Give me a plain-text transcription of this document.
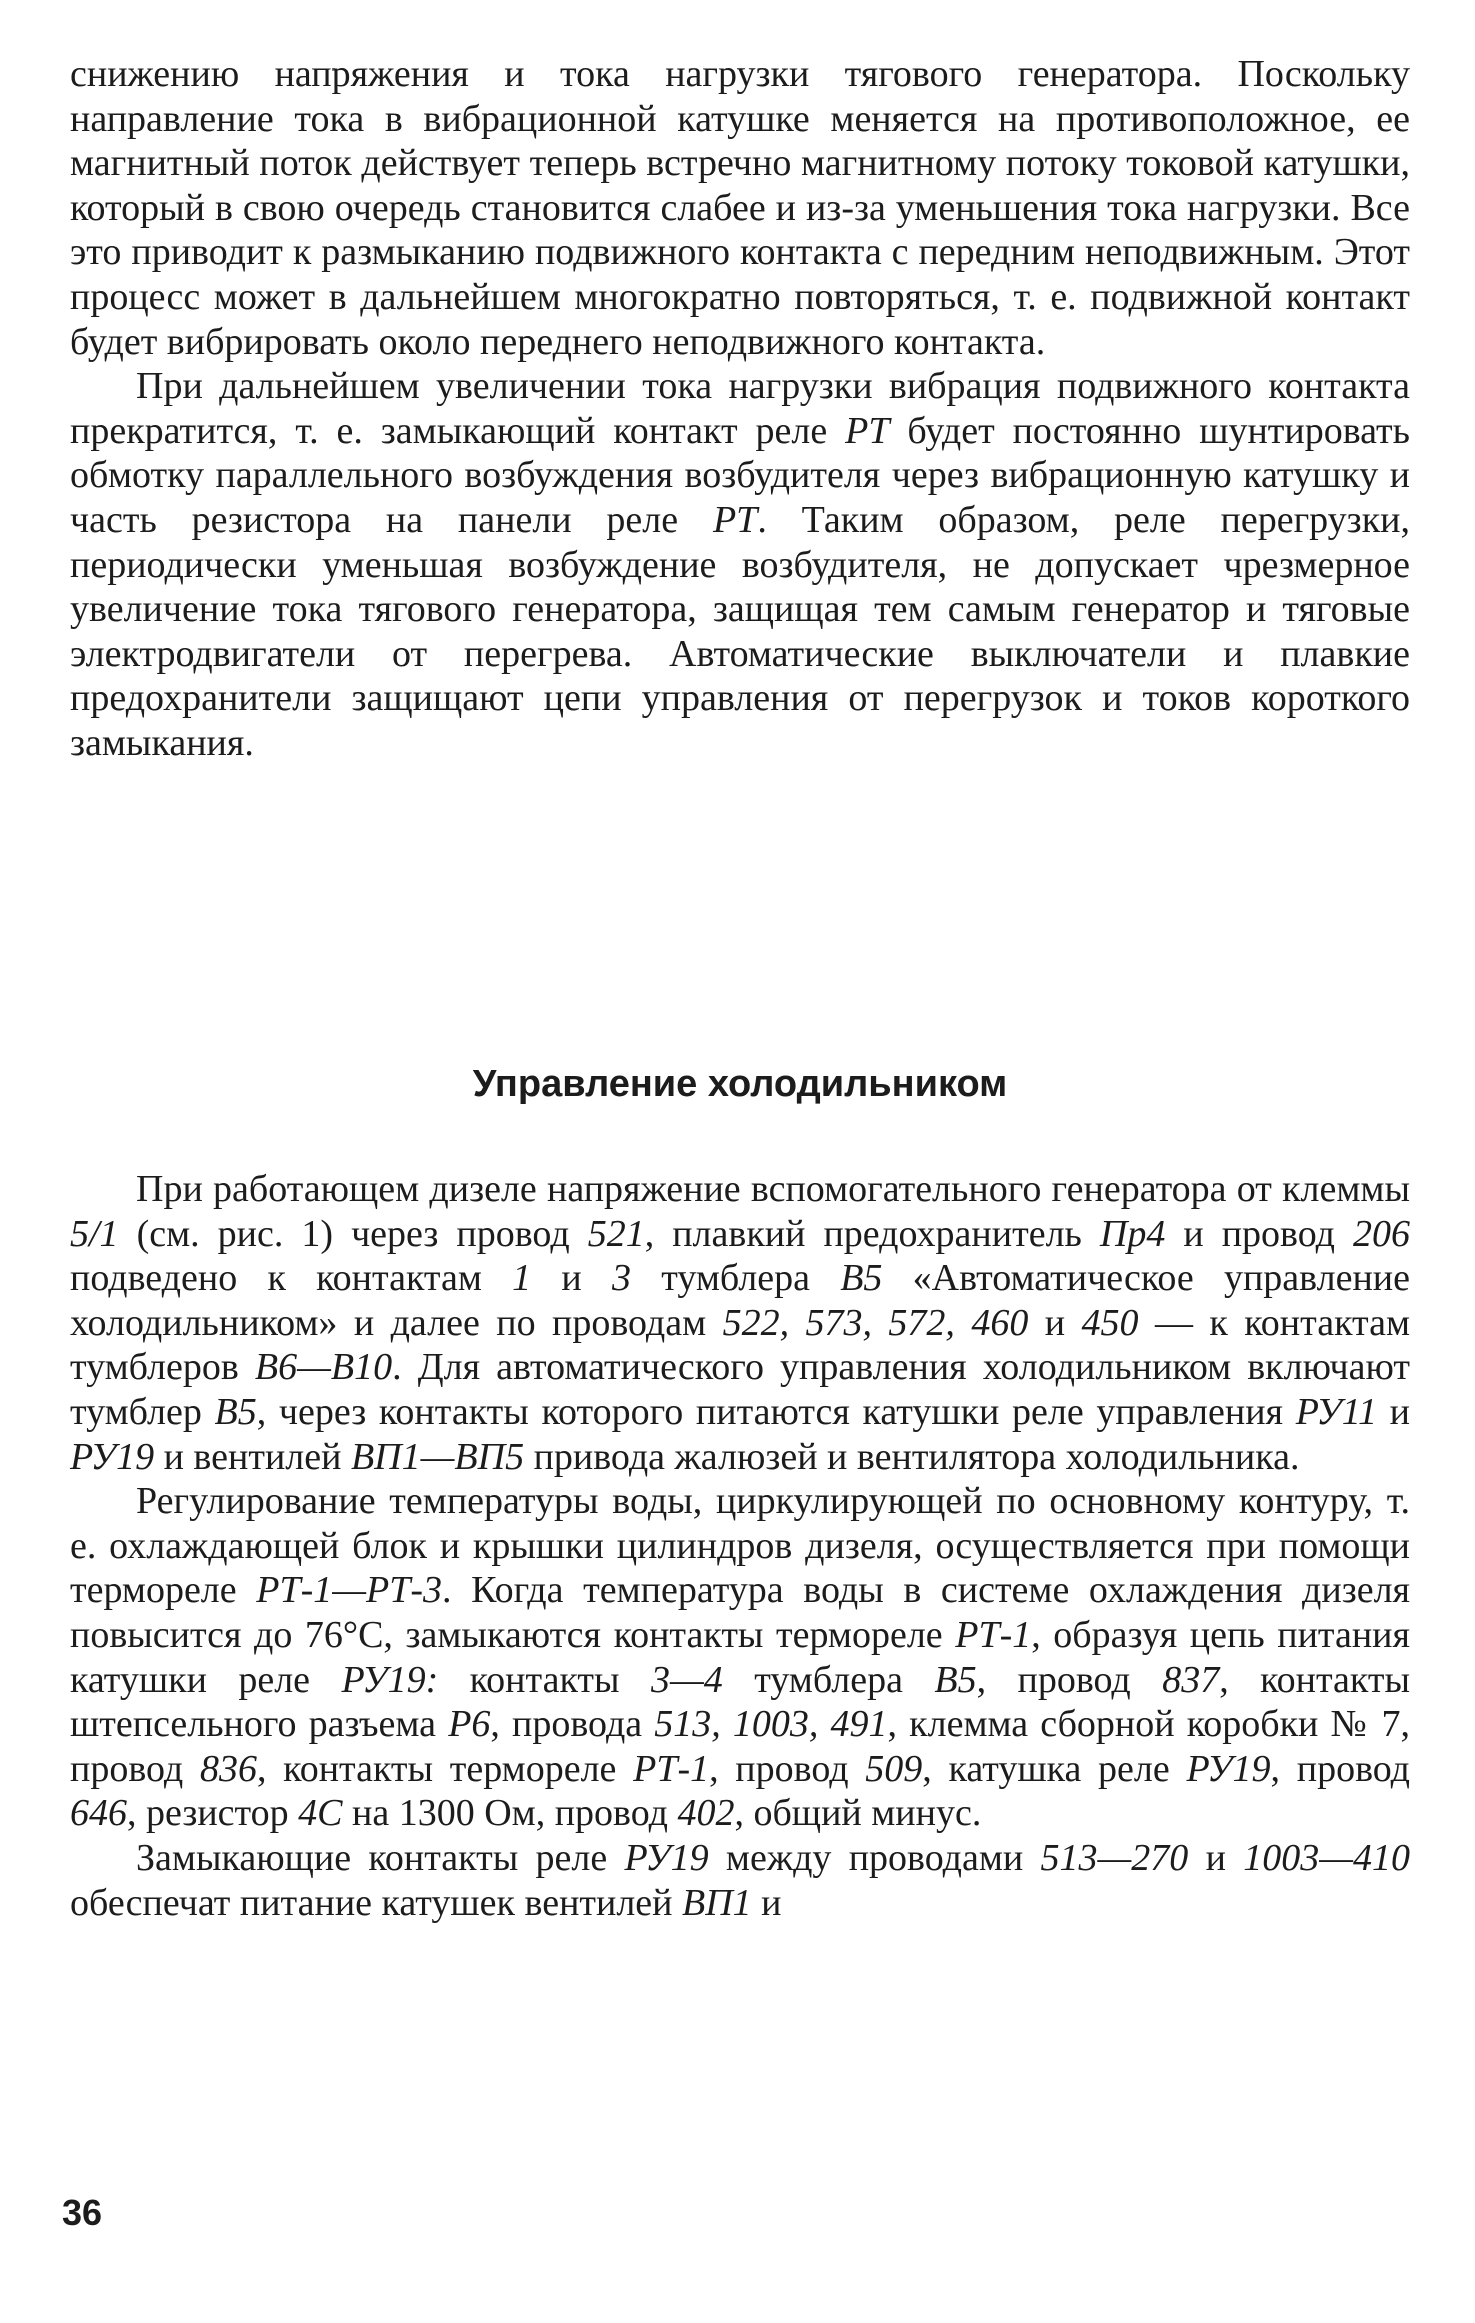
снижению напряжения и тока нагрузки тягового генератора. Поскольку направление тока в вибрационной катушке меняется на противоположное, ее магнитный поток действует теперь встречно магнитному потоку токовой катушки, который в свою очередь становится слабее и из-за уменьшения тока нагрузки. Все это приводит к размыканию подвижного контакта с передним неподвижным. Этот процесс может в дальнейшем многократно повторяться, т. е. подвижной контакт будет вибрировать около переднего неподвижного контакта.

При дальнейшем увеличении тока нагрузки вибрация подвижного контакта прекратится, т. е. замыкающий контакт реле РТ будет постоянно шунтировать обмотку параллельного возбуждения возбудителя через вибрационную катушку и часть резистора на панели реле РТ. Таким образом, реле перегрузки, периодически уменьшая возбуждение возбудителя, не допускает чрезмерное увеличение тока тягового генератора, защищая тем самым генератор и тяговые электродвигатели от перегрева. Автоматические выключатели и плавкие предохранители защищают цепи управления от перегрузок и токов короткого замыкания.

Управление холодильником

При работающем дизеле напряжение вспомогательного генератора от клеммы 5/1 (см. рис. 1) через провод 521, плавкий предохранитель Пр4 и провод 206 подведено к контактам 1 и 3 тумблера В5 «Автоматическое управление холодильником» и далее по проводам 522, 573, 572, 460 и 450 — к контактам тумблеров В6—В10. Для автоматического управления холодильником включают тумблер В5, через контакты которого питаются катушки реле управления РУ11 и РУ19 и вентилей ВП1—ВП5 привода жалюзей и вентилятора холодильника.

Регулирование температуры воды, циркулирующей по основному контуру, т. е. охлаждающей блок и крышки цилиндров дизеля, осуществляется при помощи термореле РТ-1—РТ-3. Когда температура воды в системе охлаждения дизеля повысится до 76°С, замыкаются контакты термореле РТ-1, образуя цепь питания катушки реле РУ19: контакты 3—4 тумблера В5, провод 837, контакты штепсельного разъема Р6, провода 513, 1003, 491, клемма сборной коробки № 7, провод 836, контакты термореле РТ-1, провод 509, катушка реле РУ19, провод 646, резистор 4С на 1300 Ом, провод 402, общий минус.

Замыкающие контакты реле РУ19 между проводами 513—270 и 1003—410 обеспечат питание катушек вентилей ВП1 и

36
